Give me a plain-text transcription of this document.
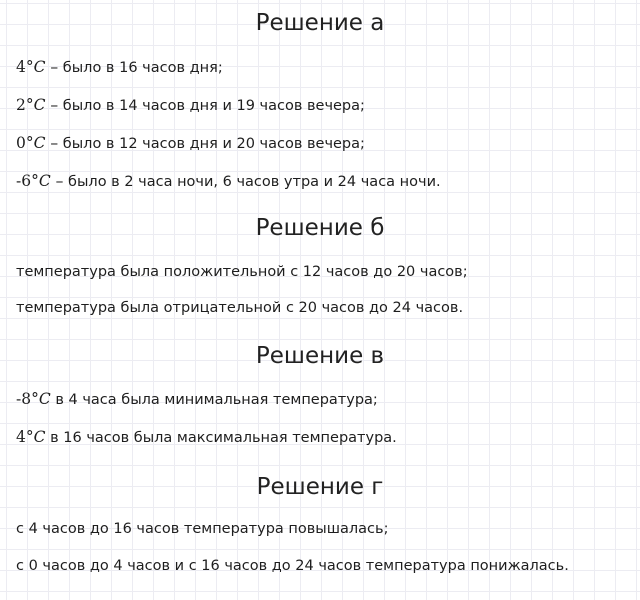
Решение а

4°C – было в 16 часов дня;

2°C – было в 14 часов дня и 19 часов вечера;

0°C – было в 12 часов дня и 20 часов вечера;

-6°C – было в 2 часа ночи, 6 часов утра и 24 часа ночи.

Решение б

температура была положительной с 12 часов до 20 часов;

температура была отрицательной с 20 часов до 24 часов.

Решение в

-8°C в 4 часа была минимальная температура;

4°C в 16 часов была максимальная температура.

Решение г

с 4 часов до 16 часов температура повышалась;

с 0 часов до 4 часов и с 16 часов до 24 часов температура понижалась.
